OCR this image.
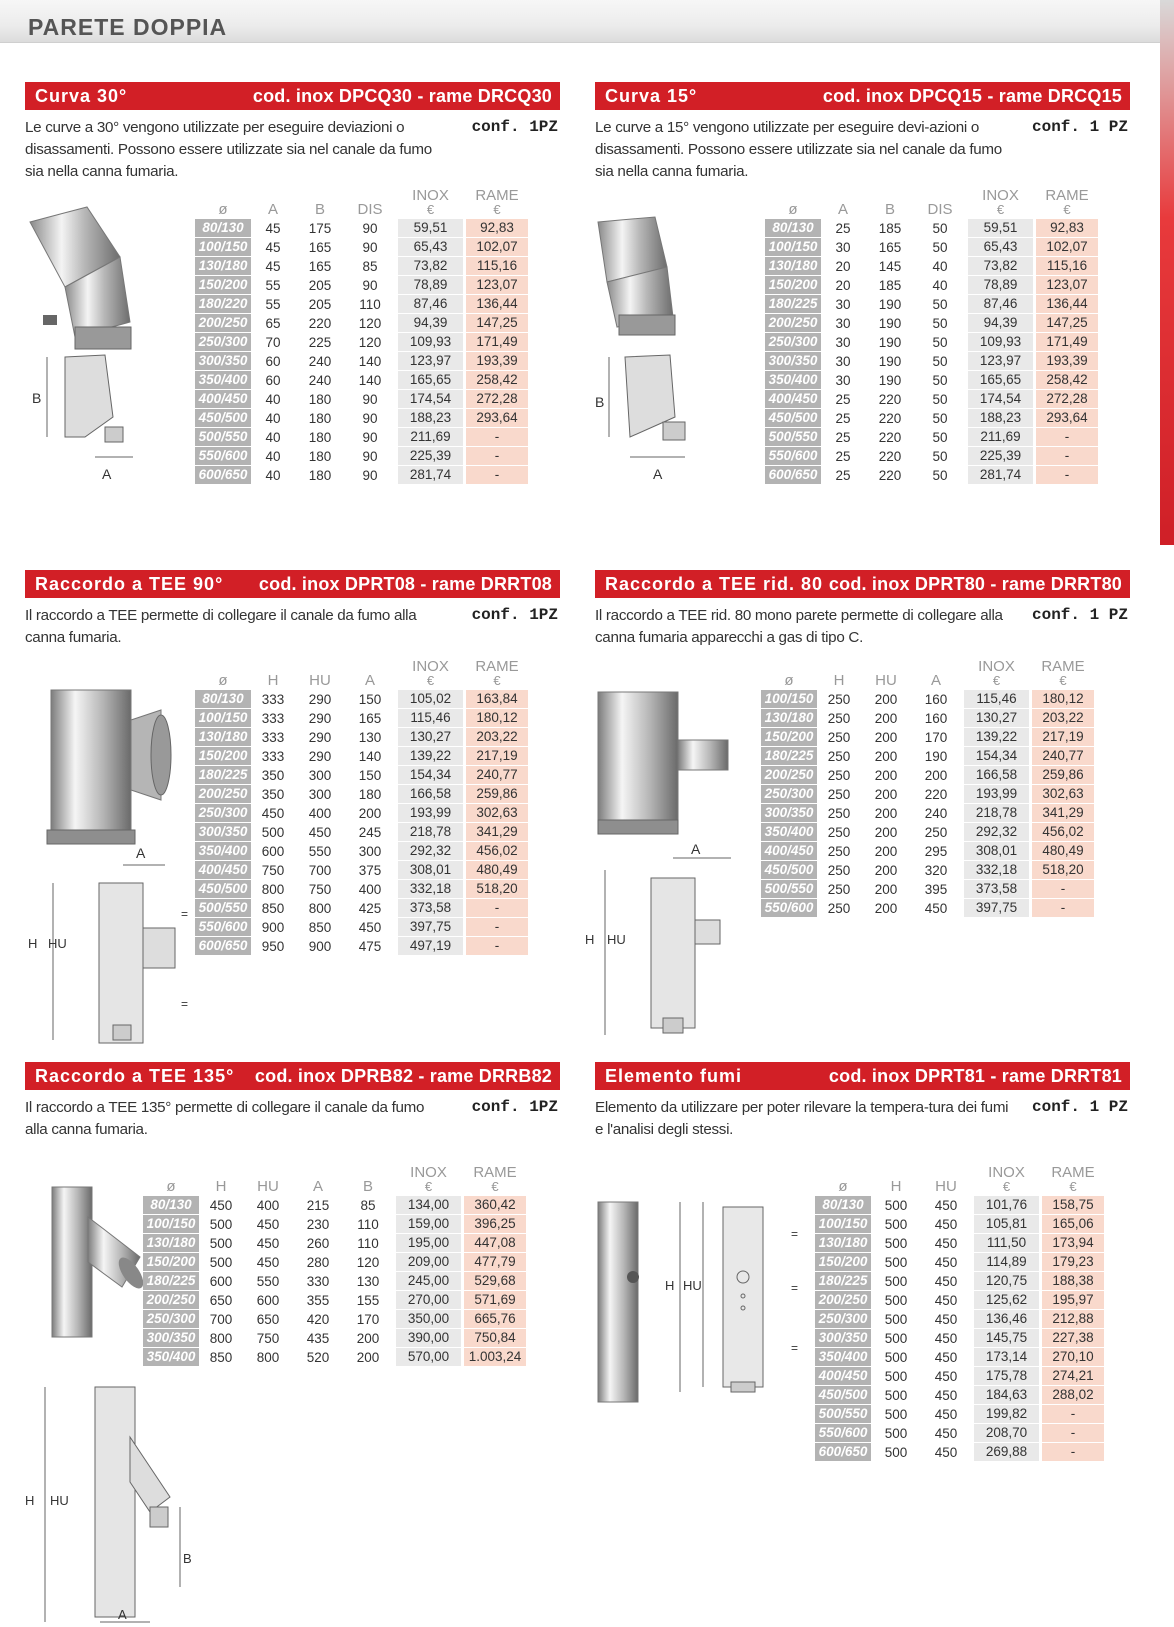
PARETE DOPPIA
Curva 30°	cod. inox DPCQ30 - rame DRCQ30
Le curve a 30° vengono utilizzate per eseguire deviazioni o disassamenti. Possono essere utilizzate sia nel canale da fumo sia nella canna fumaria.
conf. 1PZ
B
A
ø	A	B	DIS	INOX
€	RAME
€

80/130	45	175	90	59,51	92,83
100/150	45	165	90	65,43	102,07
130/180	45	165	85	73,82	115,16
150/200	55	205	90	78,89	123,07
180/220	55	205	110	87,46	136,44
200/250	65	220	120	94,39	147,25
250/300	70	225	120	109,93	171,49
300/350	60	240	140	123,97	193,39
350/400	60	240	140	165,65	258,42
400/450	40	180	90	174,54	272,28
450/500	40	180	90	188,23	293,64
500/550	40	180	90	211,69	-
550/600	40	180	90	225,39	-
600/650	40	180	90	281,74	-
Curva 15°	cod. inox DPCQ15 - rame DRCQ15
Le curve a 15° vengono utilizzate per eseguire devi-azioni o disassamenti. Possono essere utilizzate sia nel canale da fumo sia nella canna fumaria.
conf. 1 PZ
B
A
ø	A	B	DIS	INOX
€	RAME
€

80/130	25	185	50	59,51	92,83
100/150	30	165	50	65,43	102,07
130/180	20	145	40	73,82	115,16
150/200	20	185	40	78,89	123,07
180/225	30	190	50	87,46	136,44
200/250	30	190	50	94,39	147,25
250/300	30	190	50	109,93	171,49
300/350	30	190	50	123,97	193,39
350/400	30	190	50	165,65	258,42
400/450	25	220	50	174,54	272,28
450/500	25	220	50	188,23	293,64
500/550	25	220	50	211,69	-
550/600	25	220	50	225,39	-
600/650	25	220	50	281,74	-
Raccordo a TEE 90° cod. inox DPRT08 - rame DRRT08
Il raccordo a TEE permette di collegare il canale da fumo alla canna fumaria.
conf. 1PZ
A
H HU
=
=
ø	H	HU	A	INOX
€	RAME
€

80/130	333	290	150	105,02	163,84
100/150	333	290	165	115,46	180,12
130/180	333	290	130	130,27	203,22
150/200	333	290	140	139,22	217,19
180/225	350	300	150	154,34	240,77
200/250	350	300	180	166,58	259,86
250/300	450	400	200	193,99	302,63
300/350	500	450	245	218,78	341,29
350/400	600	550	300	292,32	456,02
400/450	750	700	375	308,01	480,49
450/500	800	750	400	332,18	518,20
500/550	850	800	425	373,58	-
550/600	900	850	450	397,75	-
600/650	950	900	475	497,19	-
Raccordo a TEE rid. 80 cod. inox DPRT80 - rame DRRT80
Il raccordo a TEE rid. 80 mono parete permette di collegare alla canna fumaria apparecchi a gas di tipo C.
conf. 1 PZ
A
H HU
ø	H	HU	A	INOX
€	RAME
€

100/150	250	200	160	115,46	180,12
130/180	250	200	160	130,27	203,22
150/200	250	200	170	139,22	217,19
180/225	250	200	190	154,34	240,77
200/250	250	200	200	166,58	259,86
250/300	250	200	220	193,99	302,63
300/350	250	200	240	218,78	341,29
350/400	250	200	250	292,32	456,02
400/450	250	200	295	308,01	480,49
450/500	250	200	320	332,18	518,20
500/550	250	200	395	373,58	-
550/600	250	200	450	397,75	-
Raccordo a TEE 135° cod. inox DPRB82 - rame DRRB82
Il raccordo a TEE 135° permette di collegare il canale da fumo alla canna fumaria.
conf. 1PZ
H HU
B
A
ø	H	HU	A	B	INOX
€	RAME
€

80/130	450	400	215	85	134,00	360,42
100/150	500	450	230	110	159,00	396,25
130/180	500	450	260	110	195,00	447,08
150/200	500	450	280	120	209,00	477,79
180/225	600	550	330	130	245,00	529,68
200/250	650	600	355	155	270,00	571,69
250/300	700	650	420	170	350,00	665,76
300/350	800	750	435	200	390,00	750,84
350/400	850	800	520	200	570,00	1.003,24
Elemento fumi	cod. inox DPRT81 - rame DRRT81
Elemento da utilizzare per poter rilevare la tempera-tura dei fumi e l'analisi degli stessi.
conf. 1 PZ
H HU
=
=
=
ø	H	HU	INOX
€	RAME
€

80/130	500	450	101,76	158,75
100/150	500	450	105,81	165,06
130/180	500	450	111,50	173,94
150/200	500	450	114,89	179,23
180/225	500	450	120,75	188,38
200/250	500	450	125,62	195,97
250/300	500	450	136,46	212,88
300/350	500	450	145,75	227,38
350/400	500	450	173,14	270,10
400/450	500	450	175,78	274,21
450/500	500	450	184,63	288,02
500/550	500	450	199,82	-
550/600	500	450	208,70	-
600/650	500	450	269,88	-
